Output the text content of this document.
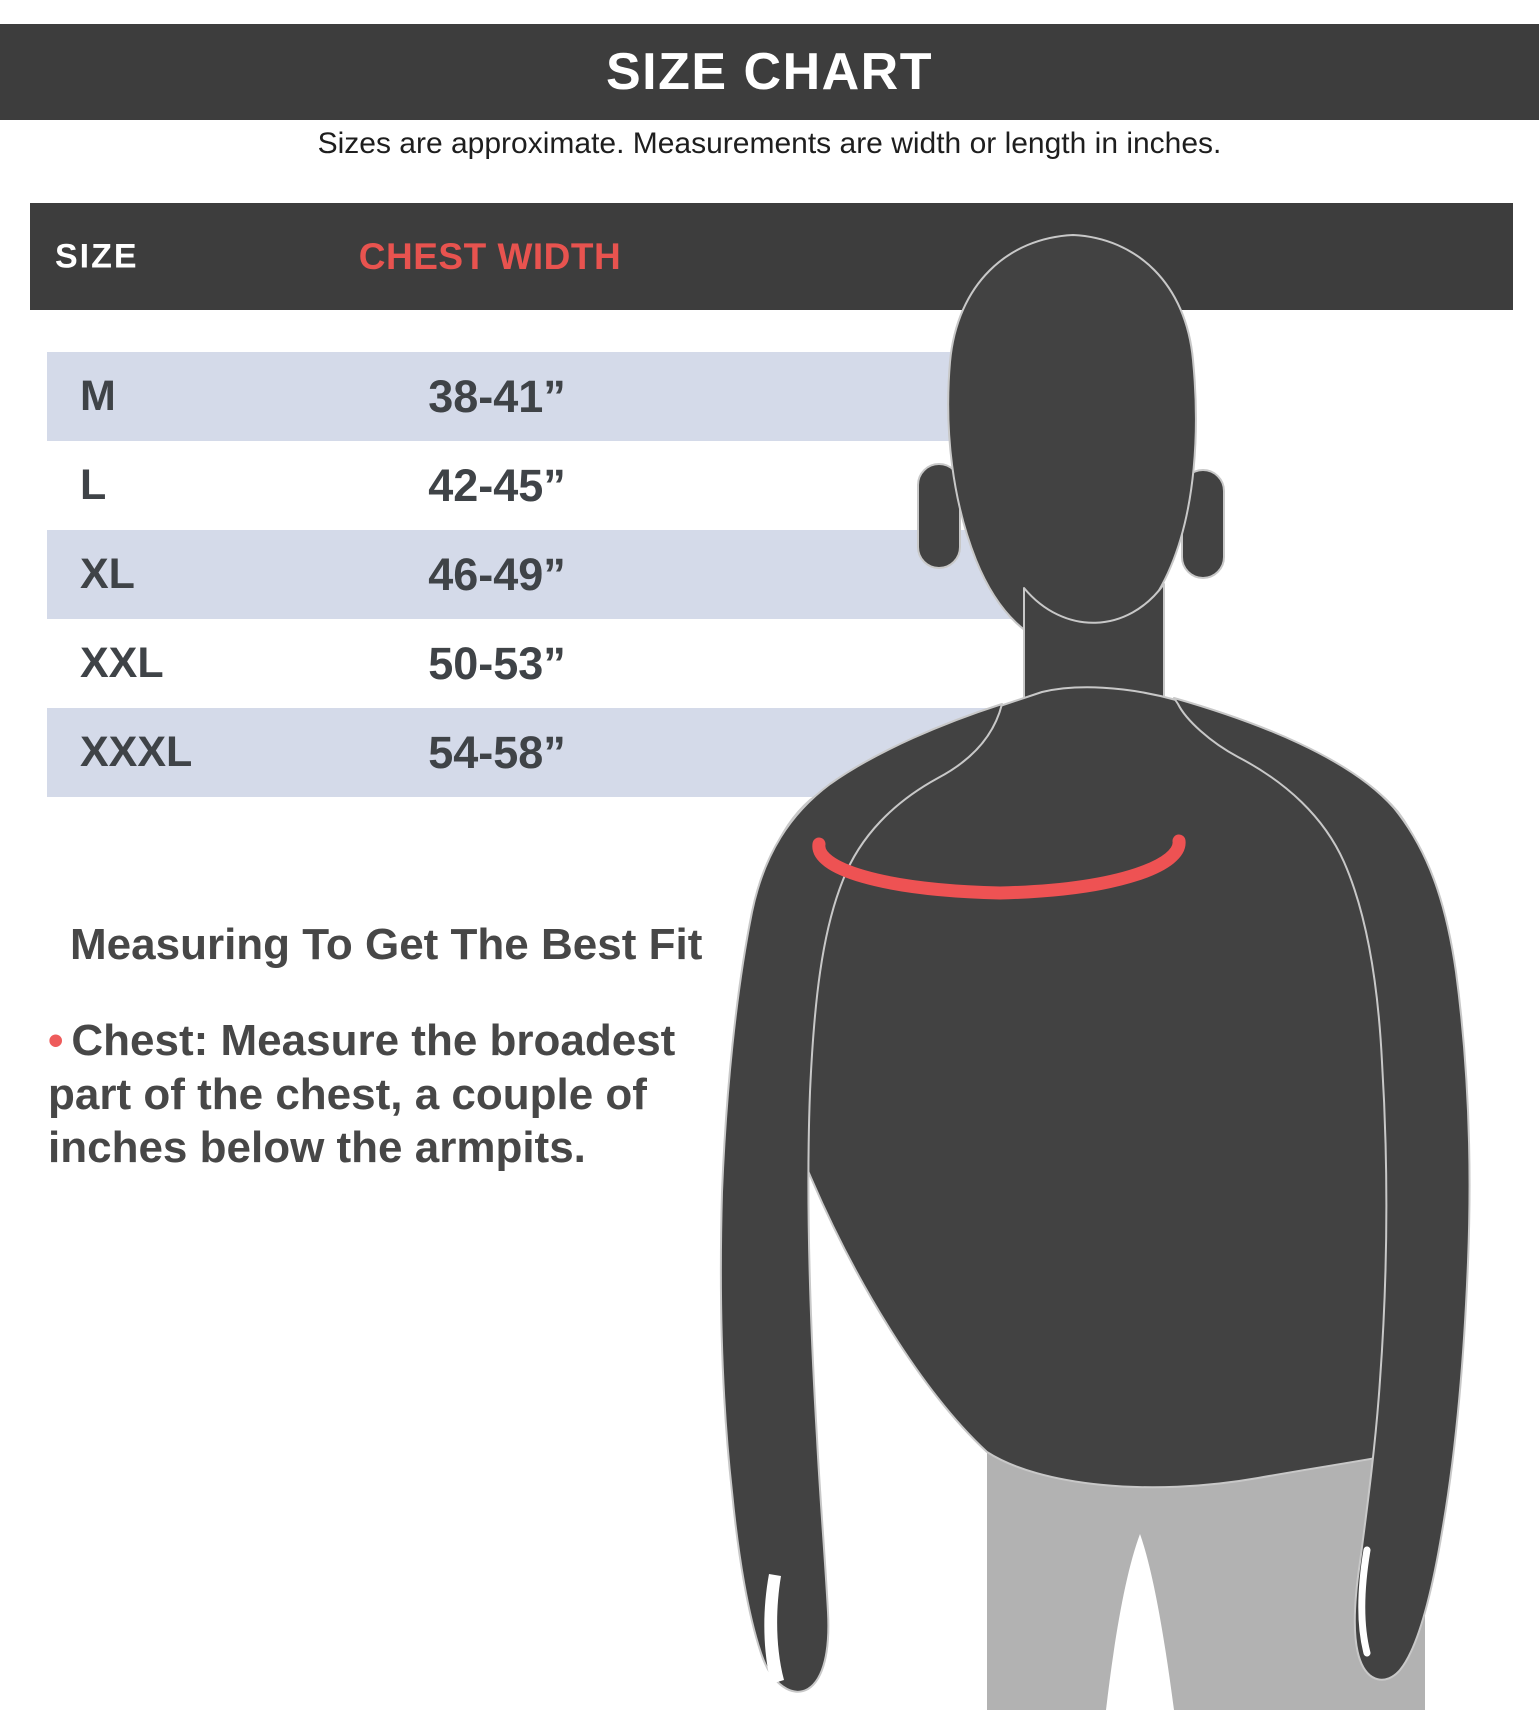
SIZE CHART
Sizes are approximate. Measurements are width or length in inches.
SIZE	CHEST WIDTH
M	38-41”
L	42-45”
XL	46-49”
XXL	50-53”
XXXL	54-58”
Measuring To Get The Best Fit

• Chest: Measure the broadest
part of the chest, a couple of
inches below the armpits.
